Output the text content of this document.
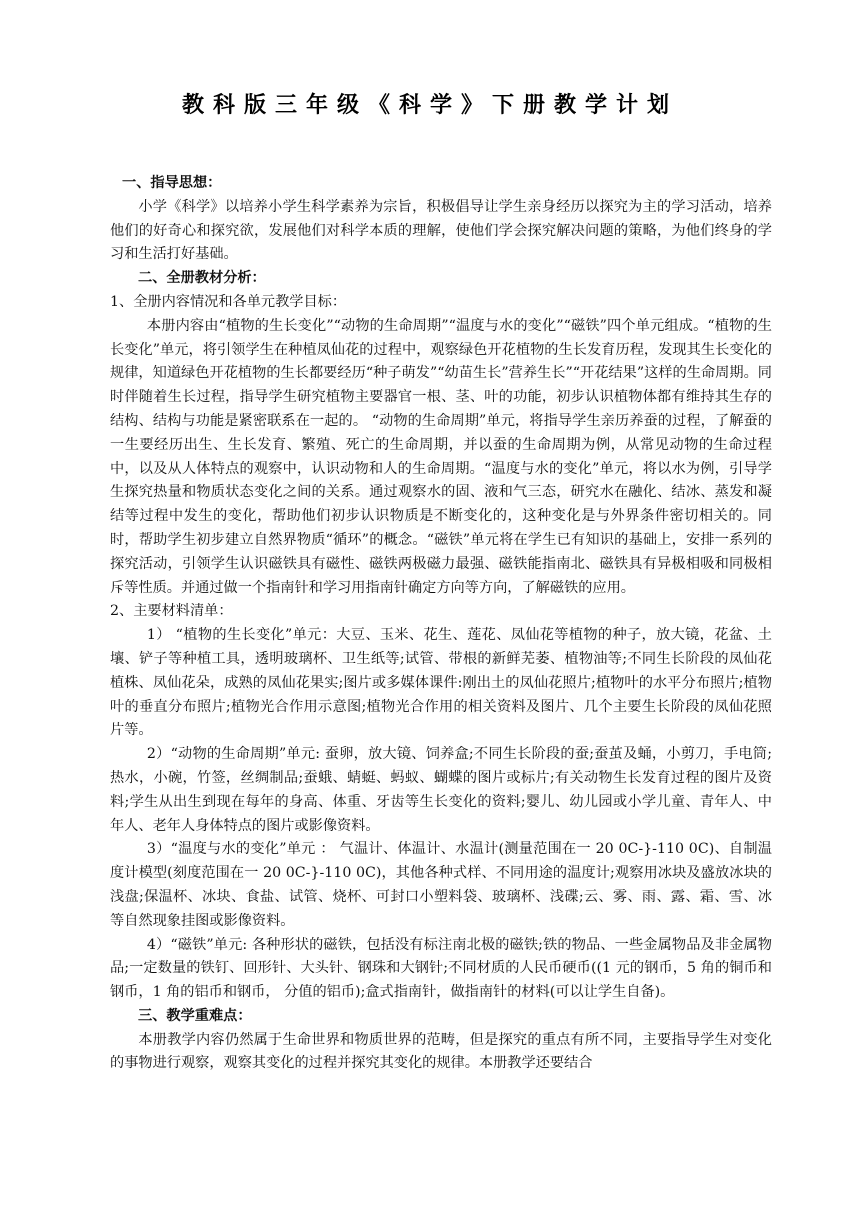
教科版三年级《科学》下册教学计划

一、指导思想：

小学《科学》以培养小学生科学素养为宗旨，积极倡导让学生亲身经历以探究为主的学习活动，培养他们的好奇心和探究欲，发展他们对科学本质的理解，使他们学会探究解决问题的策略，为他们终身的学习和生活打好基础。

二、全册教材分析：

1、全册内容情况和各单元教学目标：

本册内容由“植物的生长变化”“动物的生命周期”“温度与水的变化”“磁铁”四个单元组成。“植物的生长变化”单元，将引领学生在种植凤仙花的过程中，观察绿色开花植物的生长发育历程，发现其生长变化的规律，知道绿色开花植物的生长都要经历“种子萌发”“幼苗生长”营养生长”“开花结果”这样的生命周期。同时伴随着生长过程，指导学生研究植物主要器官一根、茎、叶的功能，初步认识植物体都有维持其生存的结构、结构与功能是紧密联系在一起的。 “动物的生命周期”单元，将指导学生亲历养蚕的过程，了解蚕的一生要经历出生、生长发育、繁殖、死亡的生命周期，并以蚕的生命周期为例，从常见动物的生命过程中，以及从人体特点的观察中，认识动物和人的生命周期。“温度与水的变化”单元，将以水为例，引导学生探究热量和物质状态变化之间的关系。通过观察水的固、液和气三态，研究水在融化、结冰、蒸发和凝结等过程中发生的变化，帮助他们初步认识物质是不断变化的，这种变化是与外界条件密切相关的。同时，帮助学生初步建立自然界物质“循环”的概念。“磁铁”单元将在学生已有知识的基础上，安排一系列的探究活动，引领学生认识磁铁具有磁性、磁铁两极磁力最强、磁铁能指南北、磁铁具有异极相吸和同极相斥等性质。并通过做一个指南针和学习用指南针确定方向等方向，了解磁铁的应用。

2、主要材料清单：

1） “植物的生长变化”单元：大豆、玉米、花生、莲花、凤仙花等植物的种子，放大镜，花盆、土壤、铲子等种植工具，透明玻璃杯、卫生纸等;试管、带根的新鲜芜萎、植物油等;不同生长阶段的凤仙花植株、凤仙花朵，成熟的凤仙花果实;图片或多媒体课件:刚出土的凤仙花照片;植物叶的水平分布照片;植物叶的垂直分布照片;植物光合作用示意图;植物光合作用的相关资料及图片、几个主要生长阶段的凤仙花照片等。

2）“动物的生命周期”单元: 蚕卵，放大镜、饲养盒;不同生长阶段的蚕;蚕茧及蛹，小剪刀，手电筒;热水，小碗，竹签，丝绸制品;蚕蛾、蜻蜓、蚂蚁、蝴蝶的图片或标片;有关动物生长发育过程的图片及资料;学生从出生到现在每年的身高、体重、牙齿等生长变化的资料;婴儿、幼儿园或小学儿童、青年人、中年人、老年人身体特点的图片或影像资料。

3）“温度与水的变化”单元 ： 气温计、体温计、水温计(测量范围在一 20 0C-}-110 0C)、自制温度计模型(刻度范围在一 20 0C-}-110 0C)，其他各种式样、不同用途的温度计;观察用冰块及盛放冰块的浅盘;保温杯、冰块、食盐、试管、烧杯、可封口小塑料袋、玻璃杯、浅碟;云、雾、雨、露、霜、雪、冰等自然现象挂图或影像资料。

4）“磁铁”单元: 各种形状的磁铁，包括没有标注南北极的磁铁;铁的物品、一些金属物品及非金属物品;一定数量的铁钉、回形针、大头针、钢珠和大钢针;不同材质的人民币硬币((1 元的钢币，5 角的铜币和钢币，1 角的铝币和钢币， 分值的铝币);盒式指南针，做指南针的材料(可以让学生自备)。

三、教学重难点：

本册教学内容仍然属于生命世界和物质世界的范畴，但是探究的重点有所不同，主要指导学生对变化的事物进行观察，观察其变化的过程并探究其变化的规律。本册教学还要结合
